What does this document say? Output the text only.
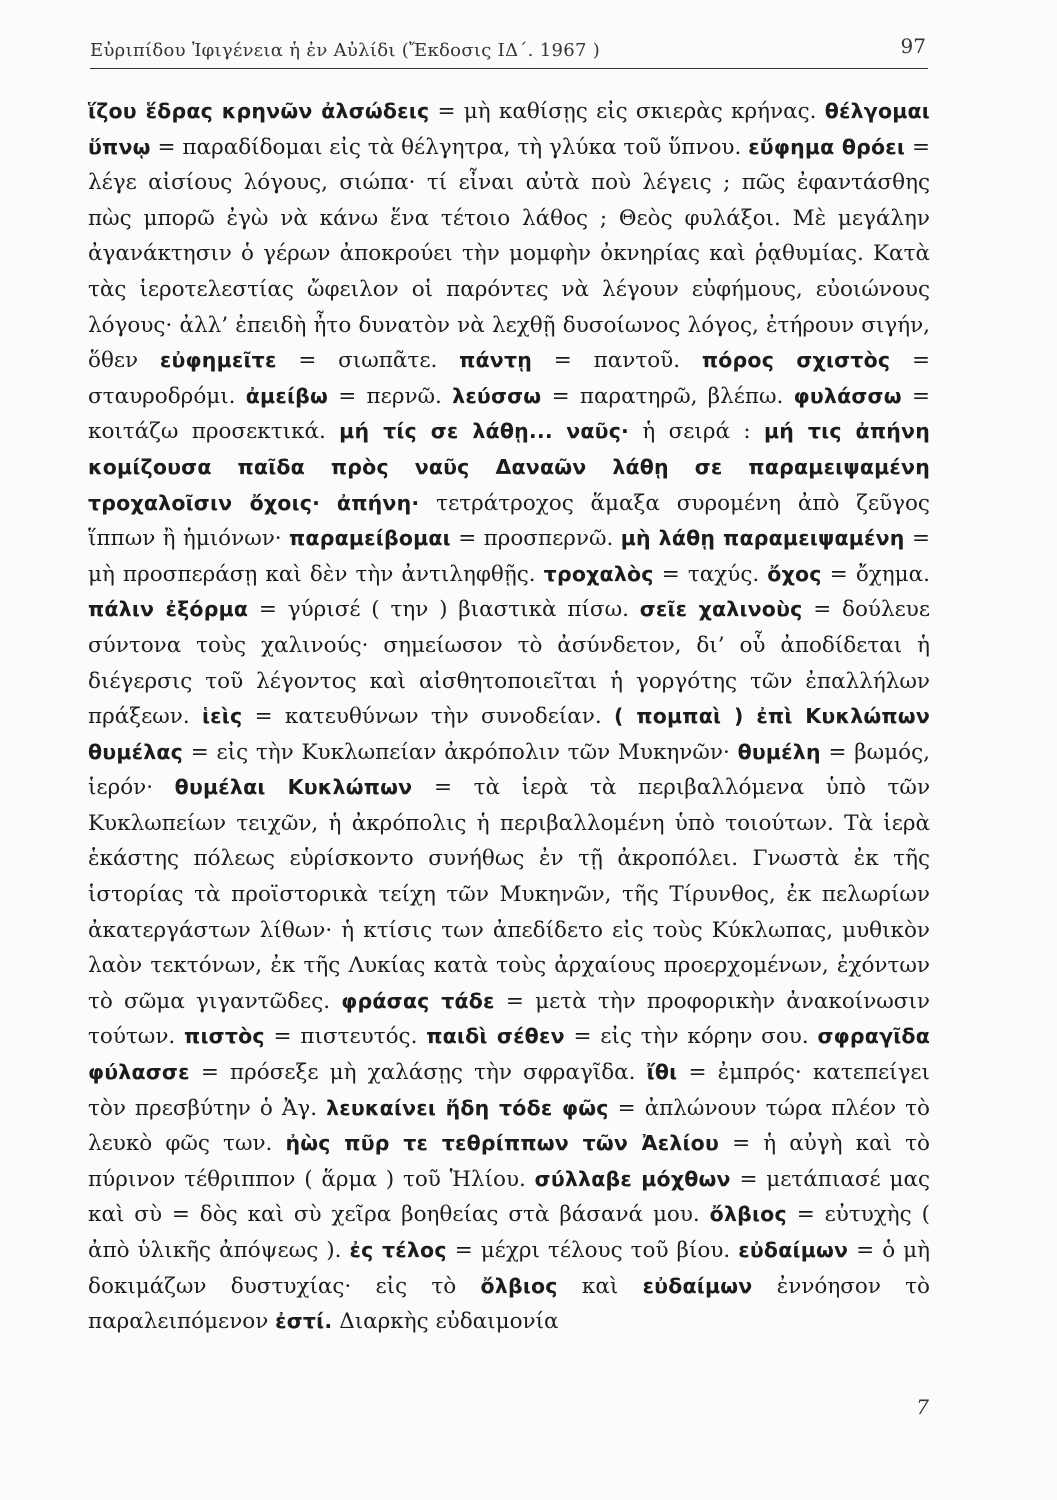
Εὐριπίδου Ἰφιγένεια ἡ ἐν Αὐλίδι (Ἔκδοσις ΙΔ΄. 1967 )	97
ἵζου ἕδρας κρηνῶν ἀλσώδεις = μὴ καθίσῃς εἰς σκιερὰς κρήνας. θέλγομαι ὕπνῳ = παραδίδομαι εἰς τὰ θέλγητρα, τὴ γλύκα τοῦ ὕπνου. εὔφημα θρόει = λέγε αἰσίους λόγους, σιώπα· τί εἶναι αὐτὰ ποὺ λέγεις ; πῶς ἐφαντάσθης πὼς μπορῶ ἐγὼ νὰ κάνω ἕνα τέτοιο λάθος ; Θεὸς φυλάξοι. Μὲ μεγάλην ἀγανάκτησιν ὁ γέρων ἀποκρούει τὴν μομφὴν ὀκνηρίας καὶ ῥᾳθυμίας. Κατὰ τὰς ἱεροτελεστίας ὤφειλον οἱ παρόντες νὰ λέγουν εὐφήμους, εὐοιώνους λόγους· ἀλλ’ ἐπειδὴ ἦτο δυνατὸν νὰ λεχθῇ δυσοίωνος λόγος, ἐτήρουν σιγήν, ὅθεν εὐφημεῖτε = σιωπᾶτε. πάντῃ = παντοῦ. πόρος σχιστὸς = σταυροδρόμι. ἀμείβω = περνῶ. λεύσσω = παρατηρῶ, βλέπω. φυλάσσω = κοιτάζω προσεκτικά. μή τίς σε λάθῃ... ναῦς· ἡ σειρά : μή τις ἀπήνη κομίζουσα παῖδα πρὸς ναῦς Δαναῶν λάθῃ σε παραμειψαμένη τροχαλοῖσιν ὄχοις· ἀπήνη· τετράτροχος ἅμαξα συρομένη ἀπὸ ζεῦγος ἵππων ἢ ἡμιόνων· παραμείβομαι = προσπερνῶ. μὴ λάθῃ παραμειψαμένη = μὴ προσπεράσῃ καὶ δὲν τὴν ἀντιληφθῇς. τροχαλὸς = ταχύς. ὄχος = ὄχημα. πάλιν ἐξόρμα = γύρισέ ( την ) βιαστικὰ πίσω. σεῖε χαλινοὺς = δούλευε σύντονα τοὺς χαλινούς· σημείωσον τὸ ἀσύνδετον, δι’ οὗ ἀποδίδεται ἡ διέγερσις τοῦ λέγοντος καὶ αἰσθητοποιεῖται ἡ γοργότης τῶν ἐπαλλήλων πράξεων. ἱεὶς = κατευθύνων τὴν συνοδείαν. ( πομπαὶ ) ἐπὶ Κυκλώπων θυμέλας = εἰς τὴν Κυκλωπείαν ἀκρόπολιν τῶν Μυκηνῶν· θυμέλη = βωμός, ἱερόν· θυμέλαι Κυκλώπων = τὰ ἱερὰ τὰ περιβαλλόμενα ὑπὸ τῶν Κυκλωπείων τειχῶν, ἡ ἀκρόπολις ἡ περιβαλλομένη ὑπὸ τοιούτων. Τὰ ἱερὰ ἑκάστης πόλεως εὑρίσκοντο συνήθως ἐν τῇ ἀκροπόλει. Γνωστὰ ἐκ τῆς ἱστορίας τὰ προϊστορικὰ τείχη τῶν Μυκηνῶν, τῆς Τίρυνθος, ἐκ πελωρίων ἀκατεργάστων λίθων· ἡ κτίσις των ἀπεδίδετο εἰς τοὺς Κύκλωπας, μυθικὸν λαὸν τεκτόνων, ἐκ τῆς Λυκίας κατὰ τοὺς ἀρχαίους προερχομένων, ἐχόντων τὸ σῶμα γιγαντῶδες. φράσας τάδε = μετὰ τὴν προφορικὴν ἀνακοίνωσιν τούτων. πιστὸς = πιστευτός. παιδὶ σέθεν = εἰς τὴν κόρην σου. σφραγῖδα φύλασσε = πρόσεξε μὴ χαλάσῃς τὴν σφραγῖδα. ἴθι = ἐμπρός· κατεπείγει τὸν πρεσβύτην ὁ Ἀγ. λευκαίνει ἤδη τόδε φῶς = ἀπλώνουν τώρα πλέον τὸ λευκὸ φῶς των. ἠὼς πῦρ τε τεθρίππων τῶν Ἀελίου = ἡ αὐγὴ καὶ τὸ πύρινον τέθριππον ( ἅρμα ) τοῦ Ἡλίου. σύλλαβε μόχθων = μετάπιασέ μας καὶ σὺ = δὸς καὶ σὺ χεῖρα βοηθείας στὰ βάσανά μου. ὄλβιος = εὐτυχὴς ( ἀπὸ ὑλικῆς ἀπόψεως ). ἐς τέλος = μέχρι τέλους τοῦ βίου. εὐδαίμων = ὁ μὴ δοκιμάζων δυστυχίας· εἰς τὸ ὄλβιος καὶ εὐδαίμων ἐννόησον τὸ παραλειπόμενον ἐστί. Διαρκὴς εὐδαιμονία
7
